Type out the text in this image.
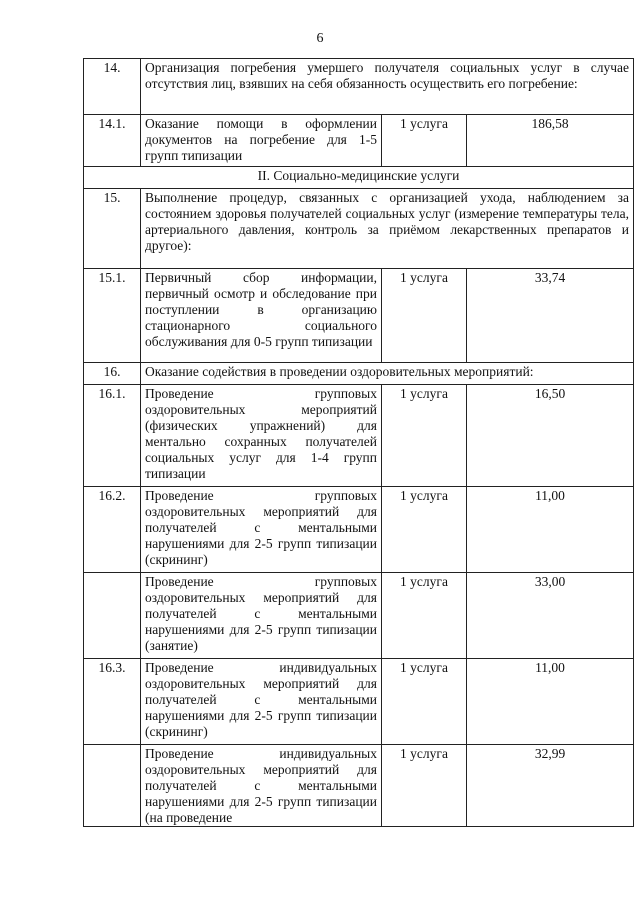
6
14.	Организация погребения умершего получателя социальных услуг в случае отсутствия лиц, взявших на себя обязанность осуществить его погребение:		
14.1.	Оказание помощи в оформлении документов на погребение для 1-5 групп типизации	1 услуга	186,58
II. Социально-медицинские услуги			
15.	Выполнение процедур, связанных с организацией ухода, наблюдением за состоянием здоровья получателей социальных услуг (измерение температуры тела, артериального давления, контроль за приёмом лекарственных препаратов и другое):		
15.1.	Первичный сбор информации, первичный осмотр и обследование при поступлении в организацию стационарного социального обслуживания для 0-5 групп типизации	1 услуга	33,74
16.	Оказание содействия в проведении оздоровительных мероприятий:		
16.1.	Проведение групповых оздоровительных мероприятий (физических упражнений) для ментально сохранных получателей социальных услуг для 1-4 групп типизации	1 услуга	16,50
16.2.	Проведение групповых оздоровительных мероприятий для получателей с ментальными нарушениями для 2-5 групп типизации (скрининг)	1 услуга	11,00
	Проведение групповых оздоровительных мероприятий для получателей с ментальными нарушениями для 2-5 групп типизации (занятие)	1 услуга	33,00
16.3.	Проведение индивидуальных оздоровительных мероприятий для получателей с ментальными нарушениями для 2-5 групп типизации (скрининг)	1 услуга	11,00
	Проведение индивидуальных оздоровительных мероприятий для получателей с ментальными нарушениями для 2-5 групп типизации (на проведение	1 услуга	32,99
